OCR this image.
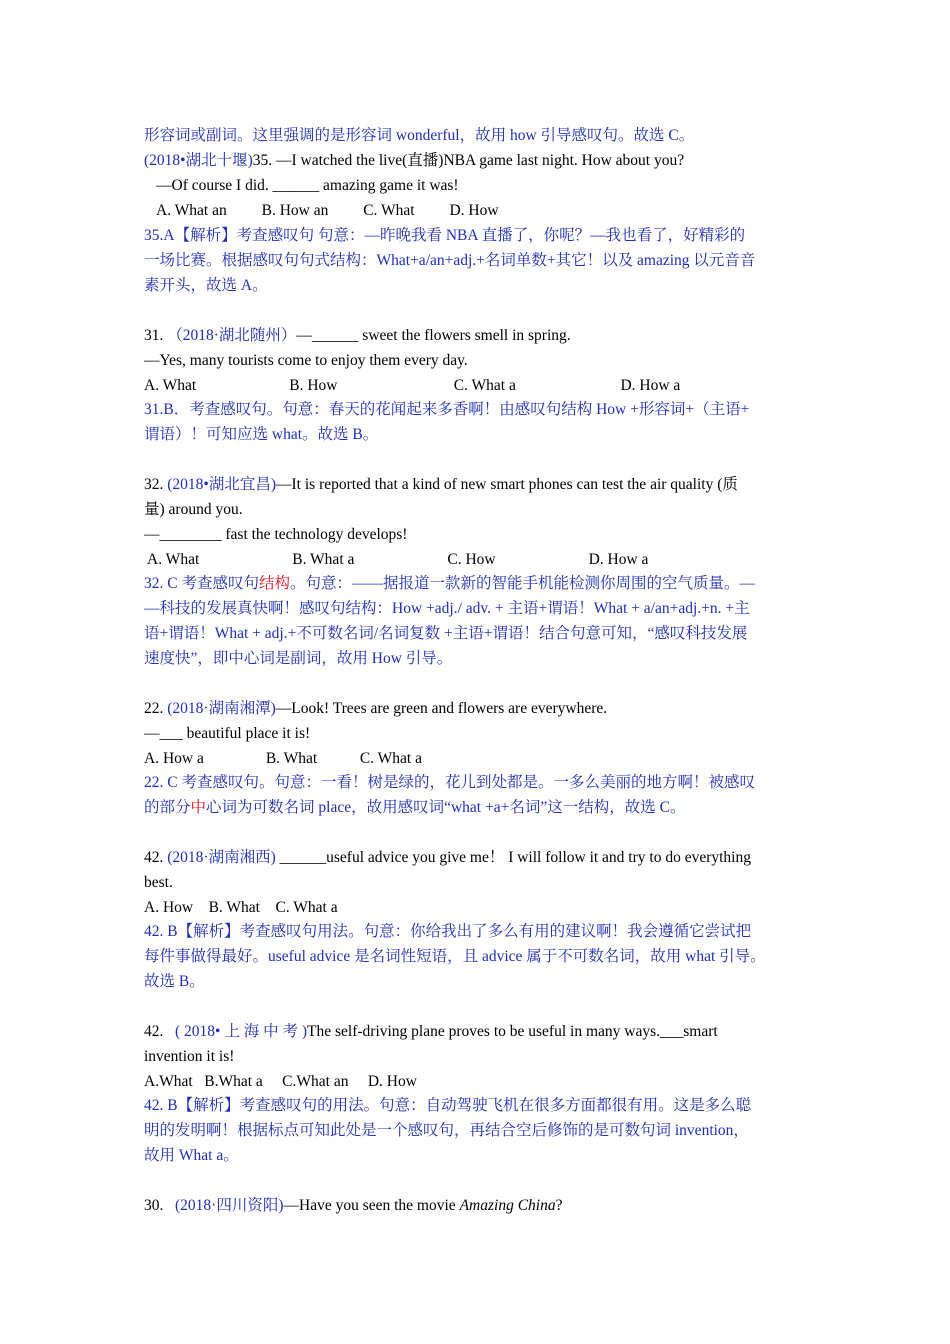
形容词或副词。这里强调的是形容词 wonderful，故用 how 引导感叹句。故选 C。
(2018•湖北十堰)35. —I watched the live(直播)NBA game last night. How about you?
—Of course I did. ______ amazing game it was!
A. What an         B. How an         C. What         D. How
35.A【解析】考查感叹句 句意：—昨晚我看 NBA 直播了，你呢？—我也看了，好精彩的
一场比赛。根据感叹句句式结构：What+a/an+adj.+名词单数+其它！以及 amazing 以元音音
素开头，故选 A。
31. （2018·湖北随州）—______ sweet the flowers smell in spring.
—Yes, many tourists come to enjoy them every day.
A. What                        B. How                              C. What a                           D. How a
31.B．考查感叹句。句意：春天的花闻起来多香啊！由感叹句结构 How +形容词+（主语+
谓语）！可知应选 what。故选 B。
32. (2018•湖北宜昌)—It is reported that a kind of new smart phones can test the air quality (质
量) around you.
—________ fast the technology develops!
A. What                        B. What a                        C. How                        D. How a
32. C 考查感叹句结构。句意：——据报道一款新的智能手机能检测你周围的空气质量。—
—科技的发展真快啊！感叹句结构：How +adj./ adv. + 主语+谓语！What + a/an+adj.+n. +主
语+谓语！What + adj.+不可数名词/名词复数 +主语+谓语！结合句意可知，“感叹科技发展
速度快”，即中心词是副词，故用 How 引导。
22. (2018·湖南湘潭)—Look! Trees are green and flowers are everywhere.
—___ beautiful place it is!
A. How a                B. What           C. What a
22. C 考查感叹句。句意：一看！树是绿的，花儿到处都是。一多么美丽的地方啊！被感叹
的部分中心词为可数名词 place，故用感叹词“what +a+名词”这一结构，故选 C。
42. (2018·湖南湘西) ______useful advice you give me！ I will follow it and try to do everything
best.
A. How    B. What    C. What a
42. B【解析】考查感叹句用法。句意：你给我出了多么有用的建议啊！我会遵循它尝试把
每件事做得最好。useful advice 是名词性短语，且 advice 属于不可数名词，故用 what 引导。
故选 B。
42.   ( 2018• 上 海 中 考 )The self-driving plane proves to be useful in many ways.___smart
invention it is!
A.What   B.What a     C.What an     D. How
42. B【解析】考查感叹句的用法。句意：自动驾驶飞机在很多方面都很有用。这是多么聪
明的发明啊！根据标点可知此处是一个感叹句，再结合空后修饰的是可数句词 invention，
故用 What a。
30.   (2018·四川资阳)—Have you seen the movie Amazing China?
